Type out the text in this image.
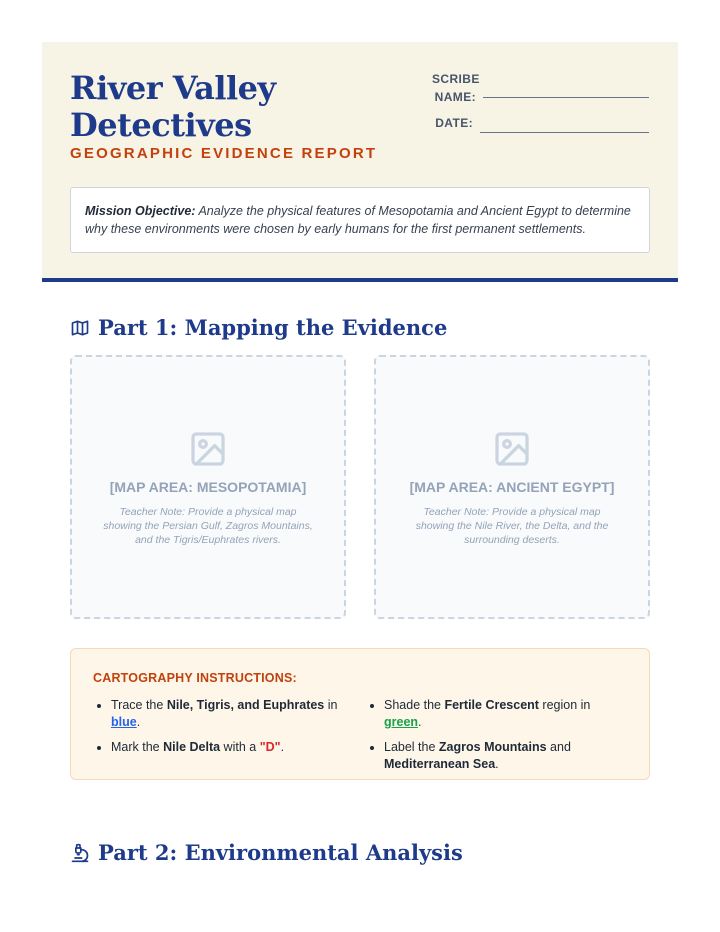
River Valley
Detectives
GEOGRAPHIC EVIDENCE REPORT
SCRIBE
NAME:
DATE:
Mission Objective: Analyze the physical features of Mesopotamia and Ancient Egypt to determine why these environments were chosen by early humans for the first permanent settlements.
Part 1: Mapping the Evidence
[MAP AREA: MESOPOTAMIA]
Teacher Note: Provide a physical map showing the Persian Gulf, Zagros Mountains, and the Tigris/Euphrates rivers.
[MAP AREA: ANCIENT EGYPT]
Teacher Note: Provide a physical map showing the Nile River, the Delta, and the surrounding deserts.
CARTOGRAPHY INSTRUCTIONS:
Trace the Nile, Tigris, and Euphrates in blue.
Mark the Nile Delta with a "D".
Shade the Fertile Crescent region in green.
Label the Zagros Mountains and Mediterranean Sea.
Part 2: Environmental Analysis
